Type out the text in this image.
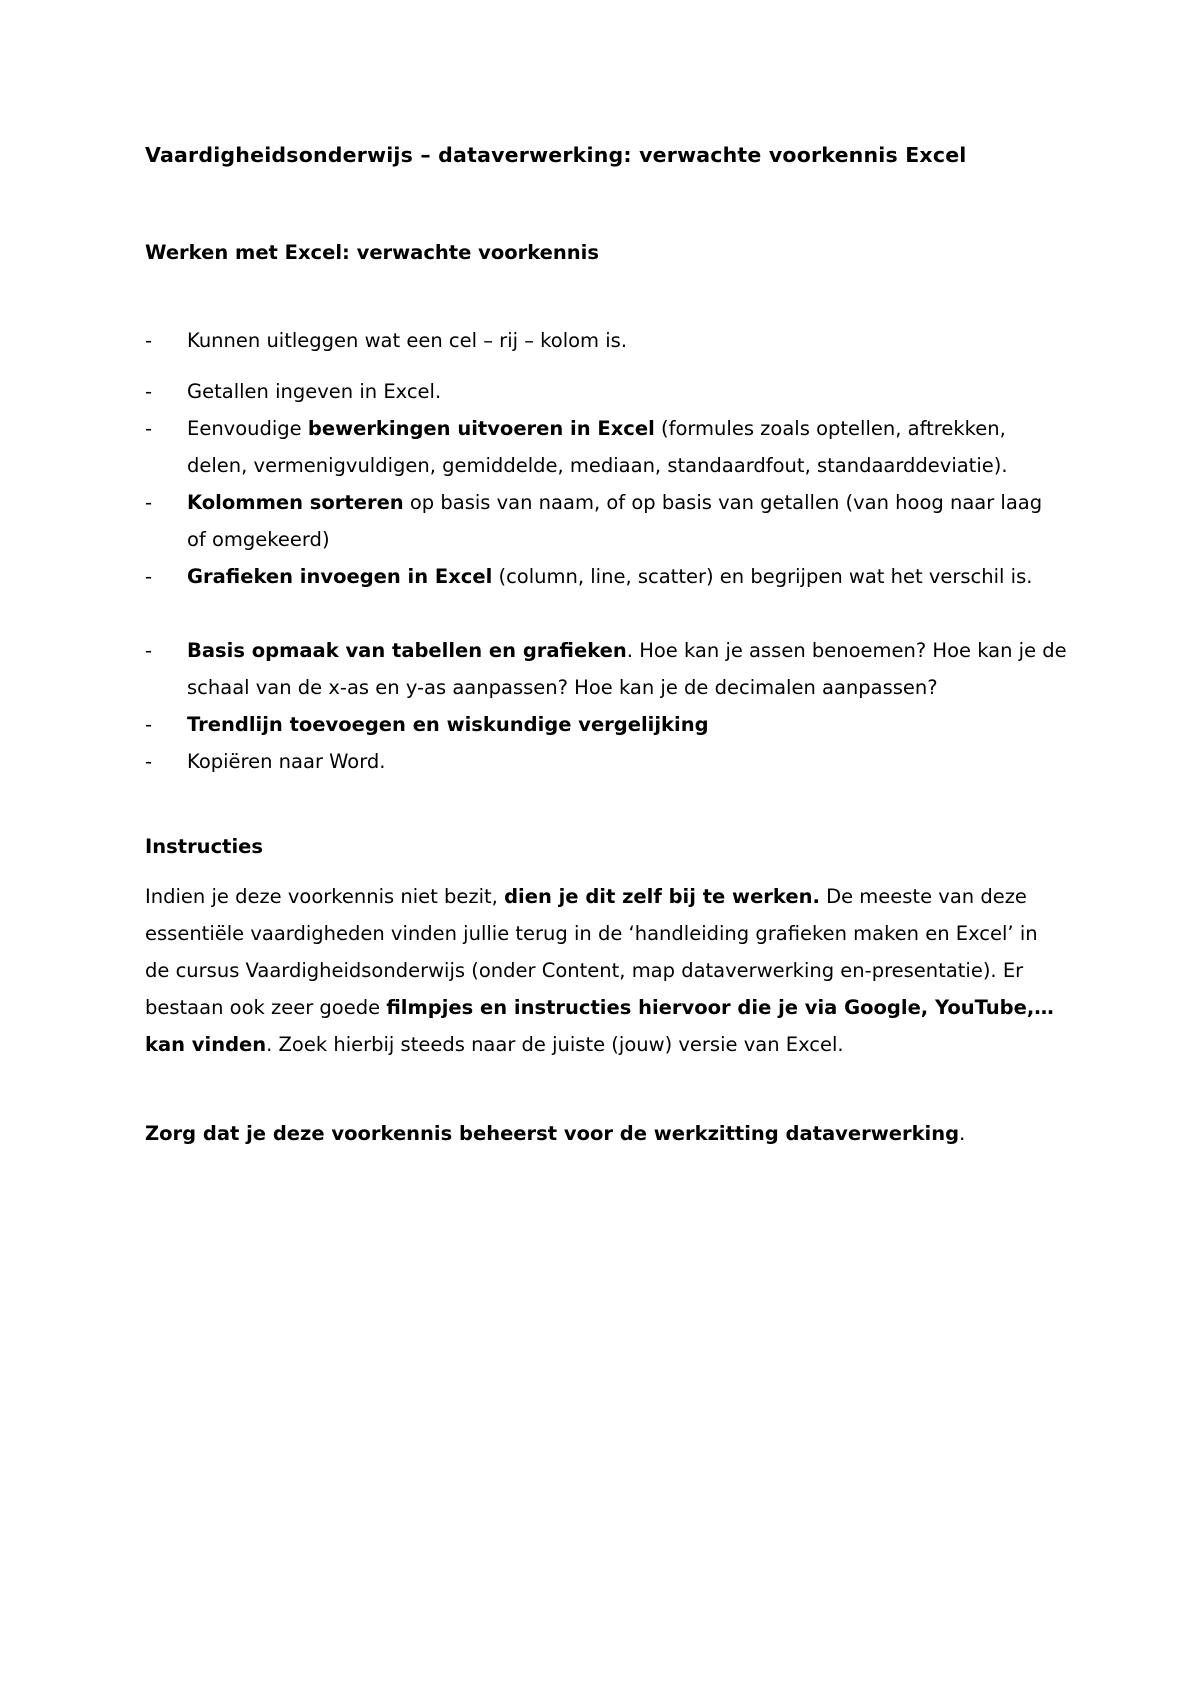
Vaardigheidsonderwijs – dataverwerking: verwachte voorkennis Excel
Werken met Excel: verwachte voorkennis
-	Kunnen uitleggen wat een cel – rij – kolom is.
-	Getallen ingeven in Excel.
-	Eenvoudige bewerkingen uitvoeren in Excel (formules zoals optellen, aftrekken, delen, vermenigvuldigen, gemiddelde, mediaan, standaardfout, standaarddeviatie).
-	Kolommen sorteren op basis van naam, of op basis van getallen (van hoog naar laag of omgekeerd)
-	Grafieken invoegen in Excel (column, line, scatter) en begrijpen wat het verschil is.
-	Basis opmaak van tabellen en grafieken. Hoe kan je assen benoemen? Hoe kan je de schaal van de x-as en y-as aanpassen? Hoe kan je de decimalen aanpassen?
-	Trendlijn toevoegen en wiskundige vergelijking
-	Kopiëren naar Word.
Instructies

Indien je deze voorkennis niet bezit, dien je dit zelf bij te werken. De meeste van deze essentiële vaardigheden vinden jullie terug in de ‘handleiding grafieken maken en Excel’ in de cursus Vaardigheidsonderwijs (onder Content, map dataverwerking en-presentatie). Er bestaan ook zeer goede filmpjes en instructies hiervoor die je via Google, YouTube,… kan vinden. Zoek hierbij steeds naar de juiste (jouw) versie van Excel.

Zorg dat je deze voorkennis beheerst voor de werkzitting dataverwerking.
